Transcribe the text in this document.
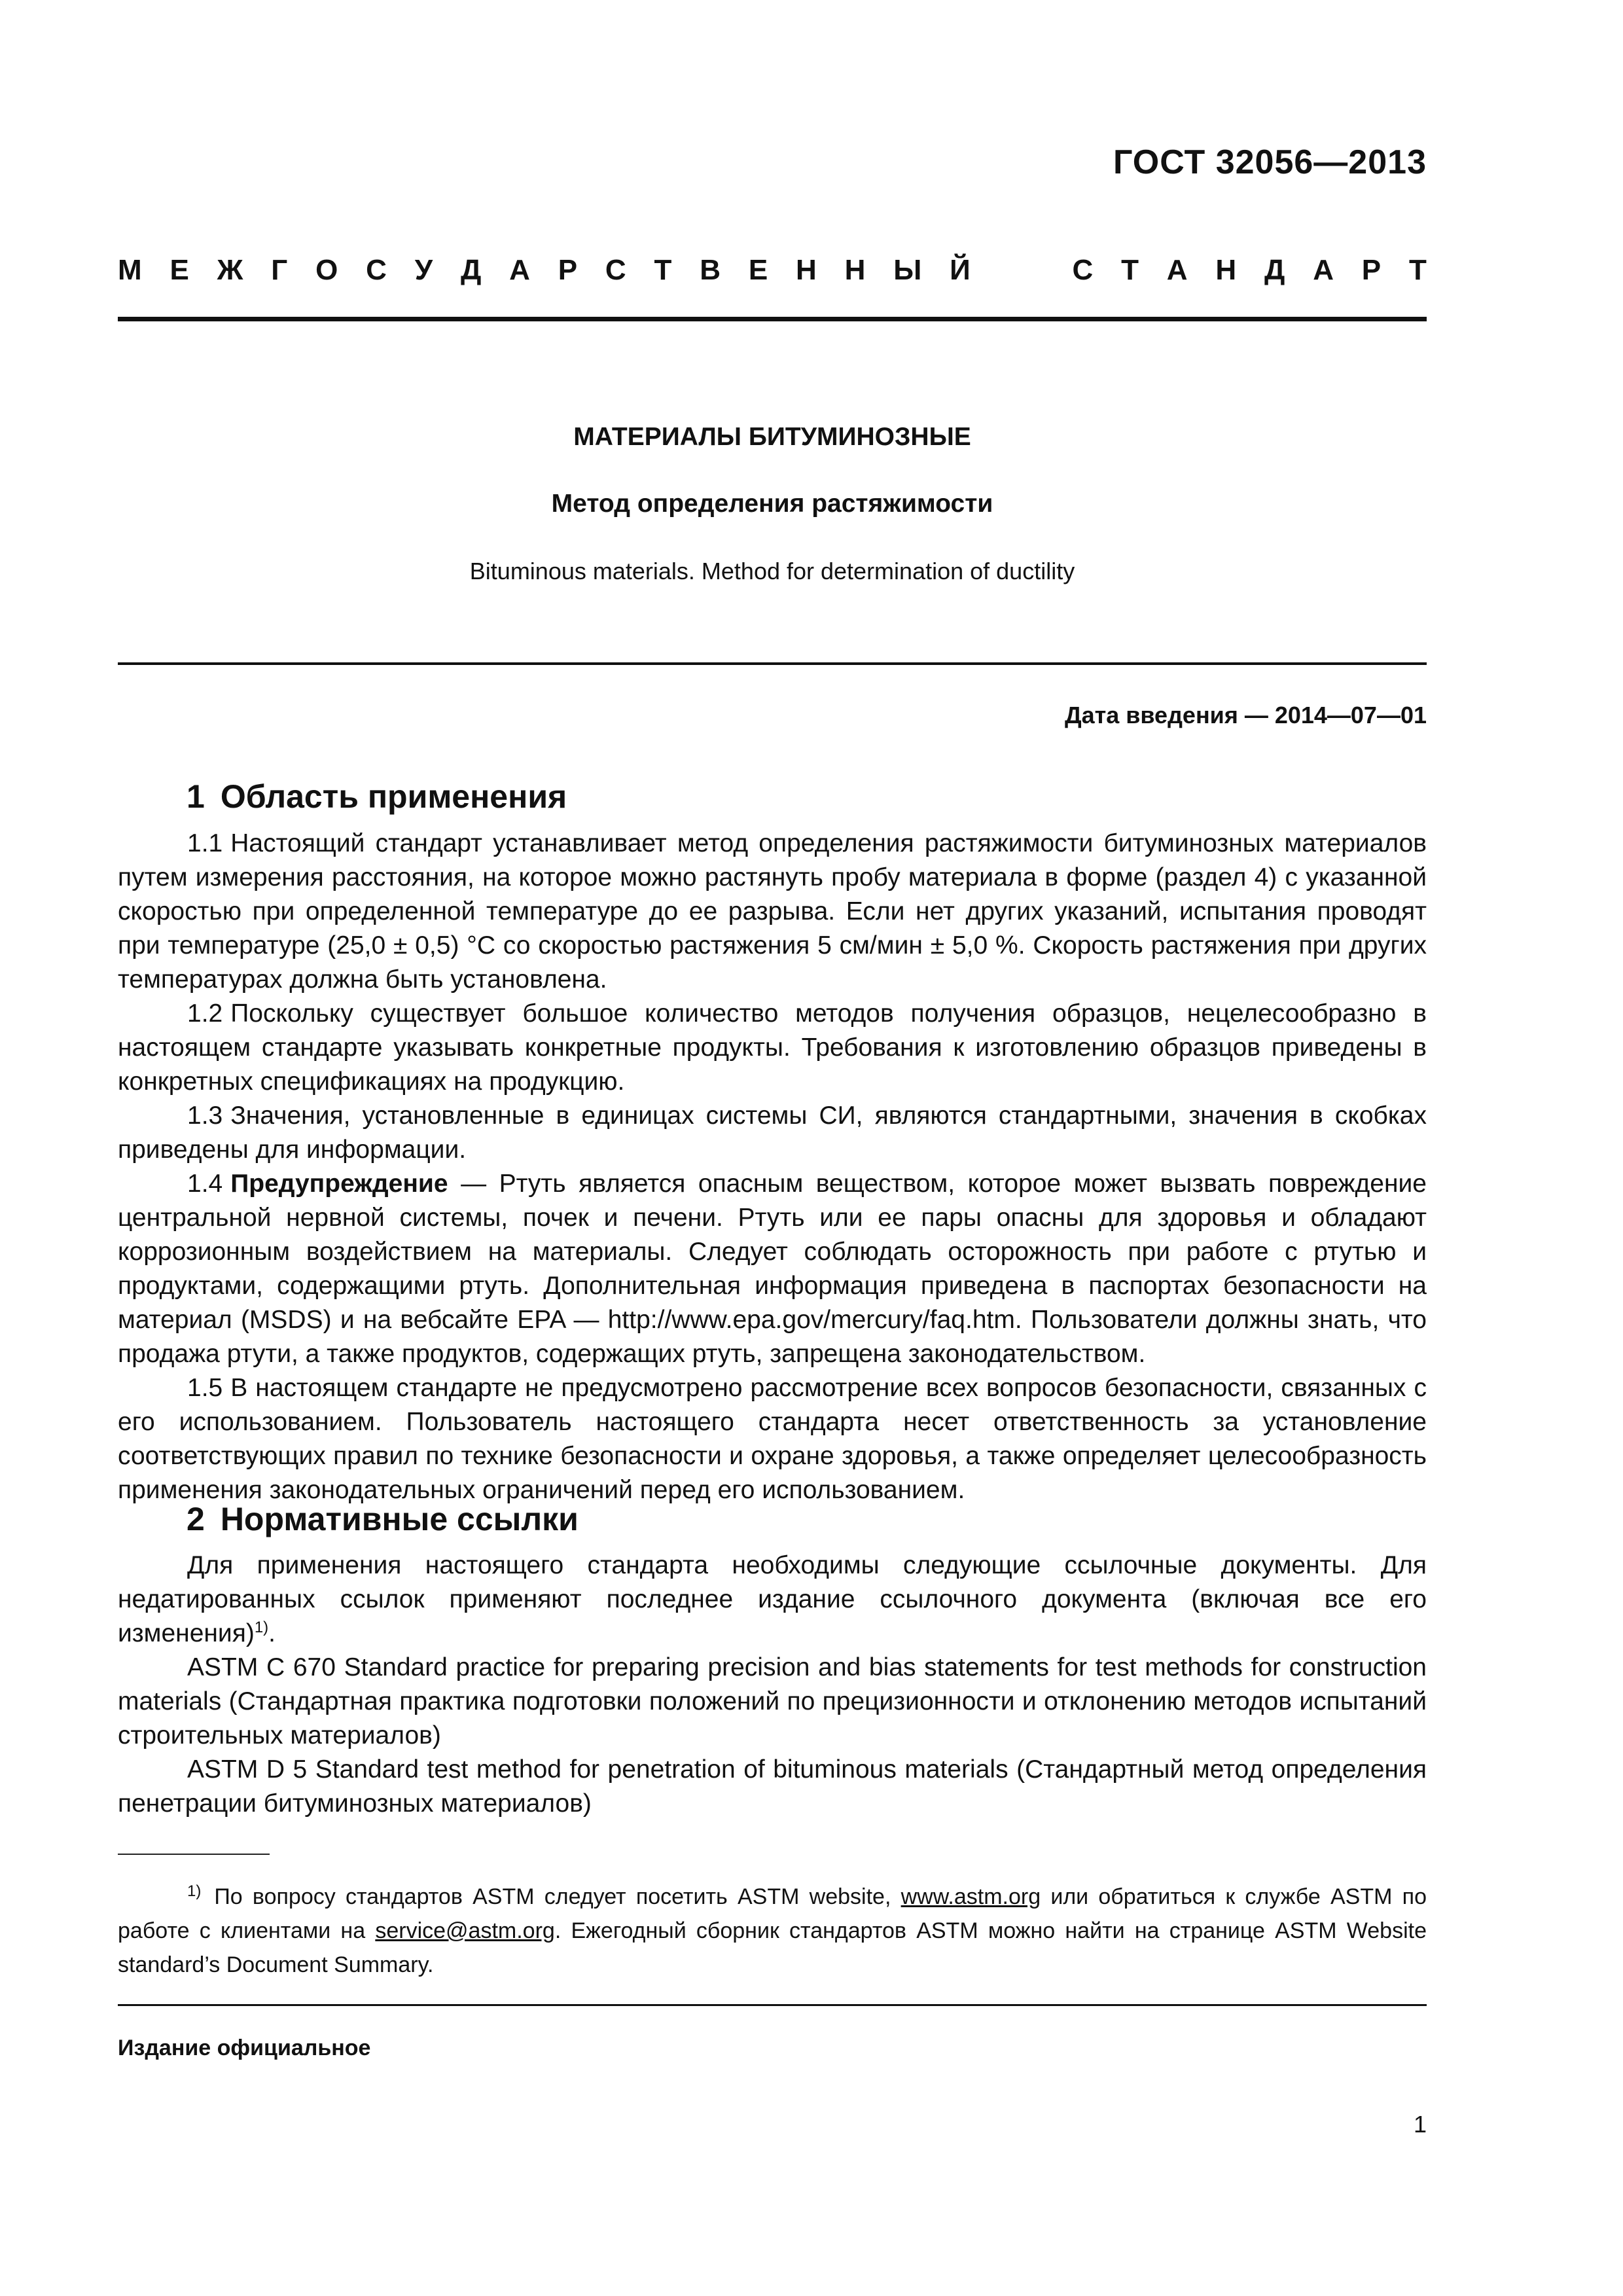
ГОСТ 32056—2013
М Е Ж Г О С У Д А Р С Т В Е Н Н Ы Й	С Т А Н Д А Р Т
МАТЕРИАЛЫ БИТУМИНОЗНЫЕ
Метод определения растяжимости
Bituminous materials. Method for determination of ductility
Дата введения — 2014—07—01
1 Область применения

1.1 Настоящий стандарт устанавливает метод определения растяжимости битуминозных материалов путем измерения расстояния, на которое можно растянуть пробу материала в форме (раздел 4) с указанной скоростью при определенной температуре до ее разрыва. Если нет других указаний, испытания проводят при температуре (25,0 ± 0,5) °С со скоростью растяжения 5 см/мин ± 5,0 %. Скорость растяжения при других температурах должна быть установлена.

1.2 Поскольку существует большое количество методов получения образцов, нецелесообразно в настоящем стандарте указывать конкретные продукты. Требования к изготовлению образцов приведены в конкретных спецификациях на продукцию.

1.3 Значения, установленные в единицах системы СИ, являются стандартными, значения в скобках приведены для информации.

1.4 Предупреждение — Ртуть является опасным веществом, которое может вызвать повреждение центральной нервной системы, почек и печени. Ртуть или ее пары опасны для здоровья и обладают коррозионным воздействием на материалы. Следует соблюдать осторожность при работе с ртутью и продуктами, содержащими ртуть. Дополнительная информация приведена в паспортах безопасности на материал (MSDS) и на вебсайте EPA — http://www.epa.gov/mercury/faq.htm. Пользователи должны знать, что продажа ртути, а также продуктов, содержащих ртуть, запрещена законодательством.

1.5 В настоящем стандарте не предусмотрено рассмотрение всех вопросов безопасности, связанных с его использованием. Пользователь настоящего стандарта несет ответственность за установление соответствующих правил по технике безопасности и охране здоровья, а также определяет целесообразность применения законодательных ограничений перед его использованием.

2 Нормативные ссылки

Для применения настоящего стандарта необходимы следующие ссылочные документы. Для недатированных ссылок применяют последнее издание ссылочного документа (включая все его изменения)$^{1)}$.

ASTM C 670 Standard practice for preparing precision and bias statements for test methods for construction materials (Стандартная практика подготовки положений по прецизионности и отклонению методов испытаний строительных материалов)

ASTM D 5 Standard test method for penetration of bituminous materials (Стандартный метод определения пенетрации битуминозных материалов)

$^{1)}$ По вопросу стандартов ASTM следует посетить ASTM website, www.astm.org или обратиться к службе ASTM по работе с клиентами на service@astm.org. Ежегодный сборник стандартов ASTM можно найти на странице ASTM Website standard’s Document Summary.

Издание официальное
1
